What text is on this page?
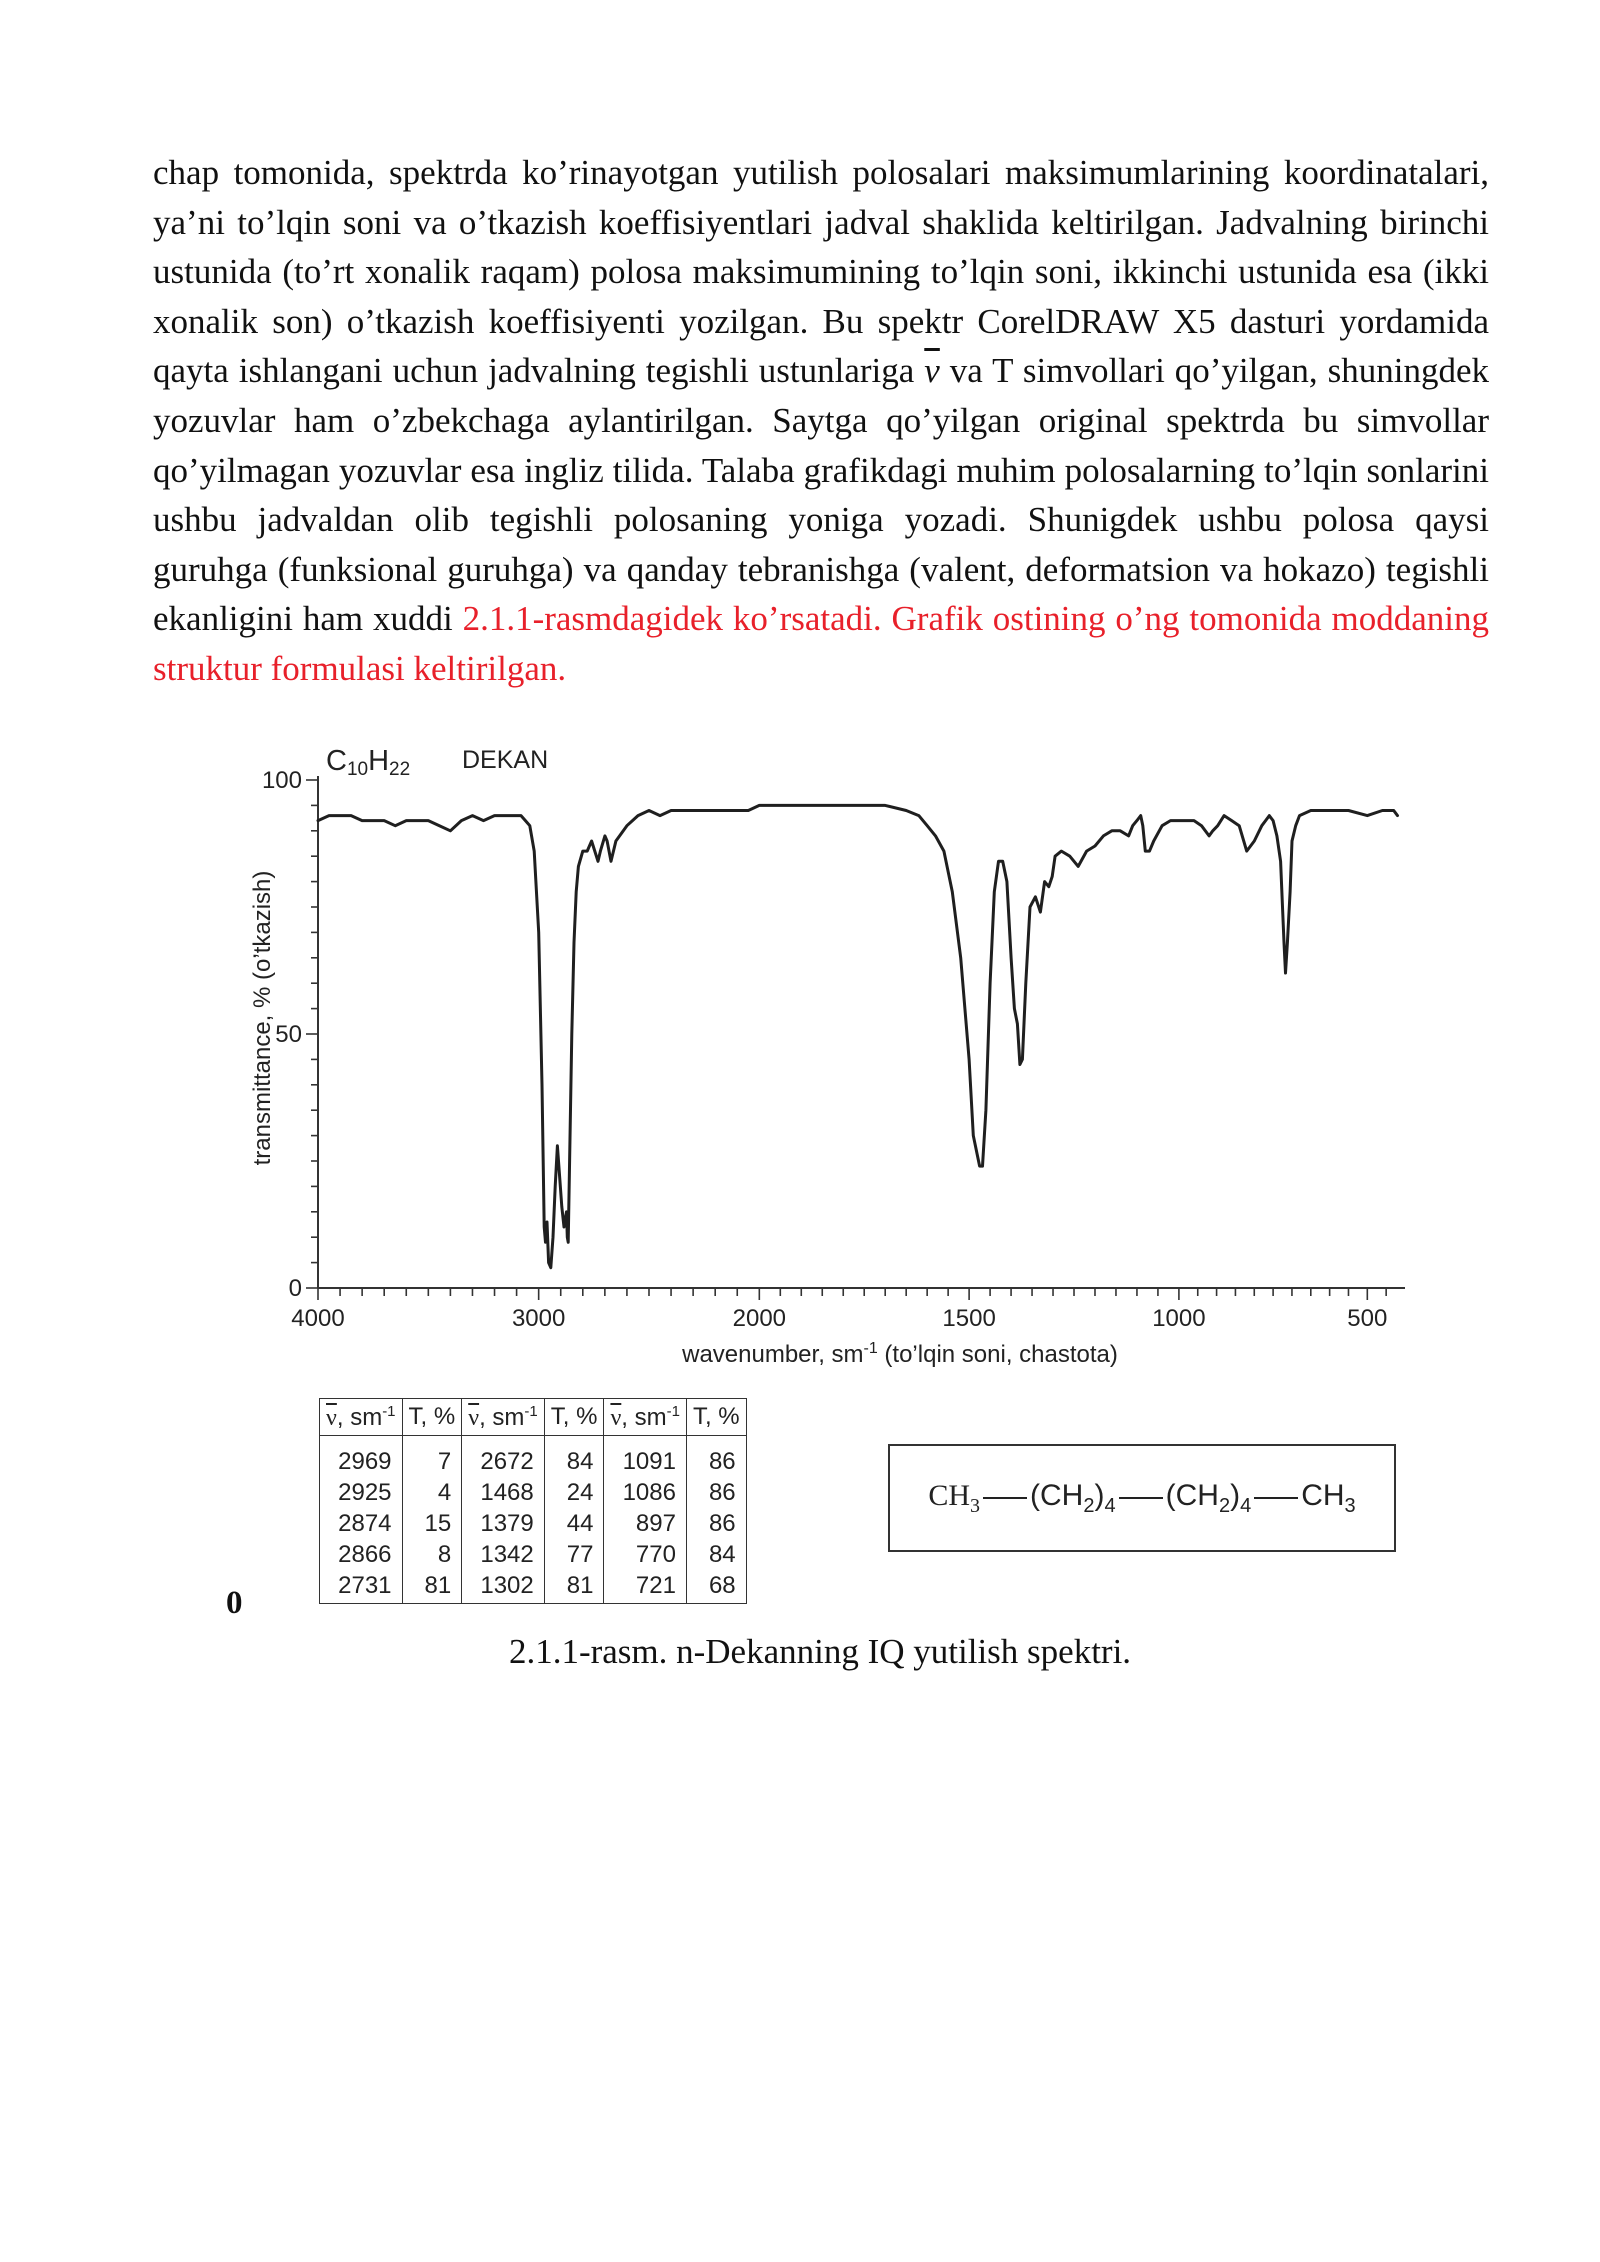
chap tomonida, spektrda ko’rinayotgan yutilish polosalari maksimumlarining koordinatalari, ya’ni to’lqin soni va o’tkazish koeffisiyentlari jadval shaklida keltirilgan. Jadvalning birinchi ustunida (to’rt xonalik raqam) polosa maksimumining to’lqin soni, ikkinchi ustunida esa (ikki xonalik son) o’tkazish koeffisiyenti yozilgan. Bu spektr CorelDRAW X5 dasturi yordamida qayta ishlangani uchun jadvalning tegishli ustunlariga $\overline{\nu}$ va T simvollari qo’yilgan, shuningdek yozuvlar ham o’zbekchaga aylantirilgan. Saytga qo’yilgan original spektrda bu simvollar qo’yilmagan yozuvlar esa ingliz tilida. Talaba grafikdagi muhim polosalarning to’lqin sonlarini ushbu jadvaldan olib tegishli polosaning yoniga yozadi. Shunigdek ushbu polosa qaysi guruhga (funksional guruhga) va qanday tebranishga (valent, deformatsion va hokazo) tegishli ekanligini ham xuddi 2.1.1-rasmdagidek ko’rsatadi. Grafik ostining o’ng tomonida moddaning struktur formulasi keltirilgan.
C10H22 DEKAN
transmittance, % (o’tkazish)
wavenumber, $sm^{-1}$ (to’lqin soni, chastota)
0
50
100
4000	3000	2000	1500	1000	500
$\overline{\nu}$, $sm^{-1}$	T, %	$\overline{\nu}$, $sm^{-1}$	T, %	$\overline{\nu}$, $sm^{-1}$	T, %
2969	7	2672	84	1091	86
2925	4	1468	24	1086	86
2874	15	1379	44	897	86
2866	8	1342	77	770	84
2731	81	1302	81	721	68
$CH_3$ $(CH_2)_4$ $(CH_2)_4$ $CH_3$
0
2.1.1-rasm. n-Dekanning IQ yutilish spektri.
